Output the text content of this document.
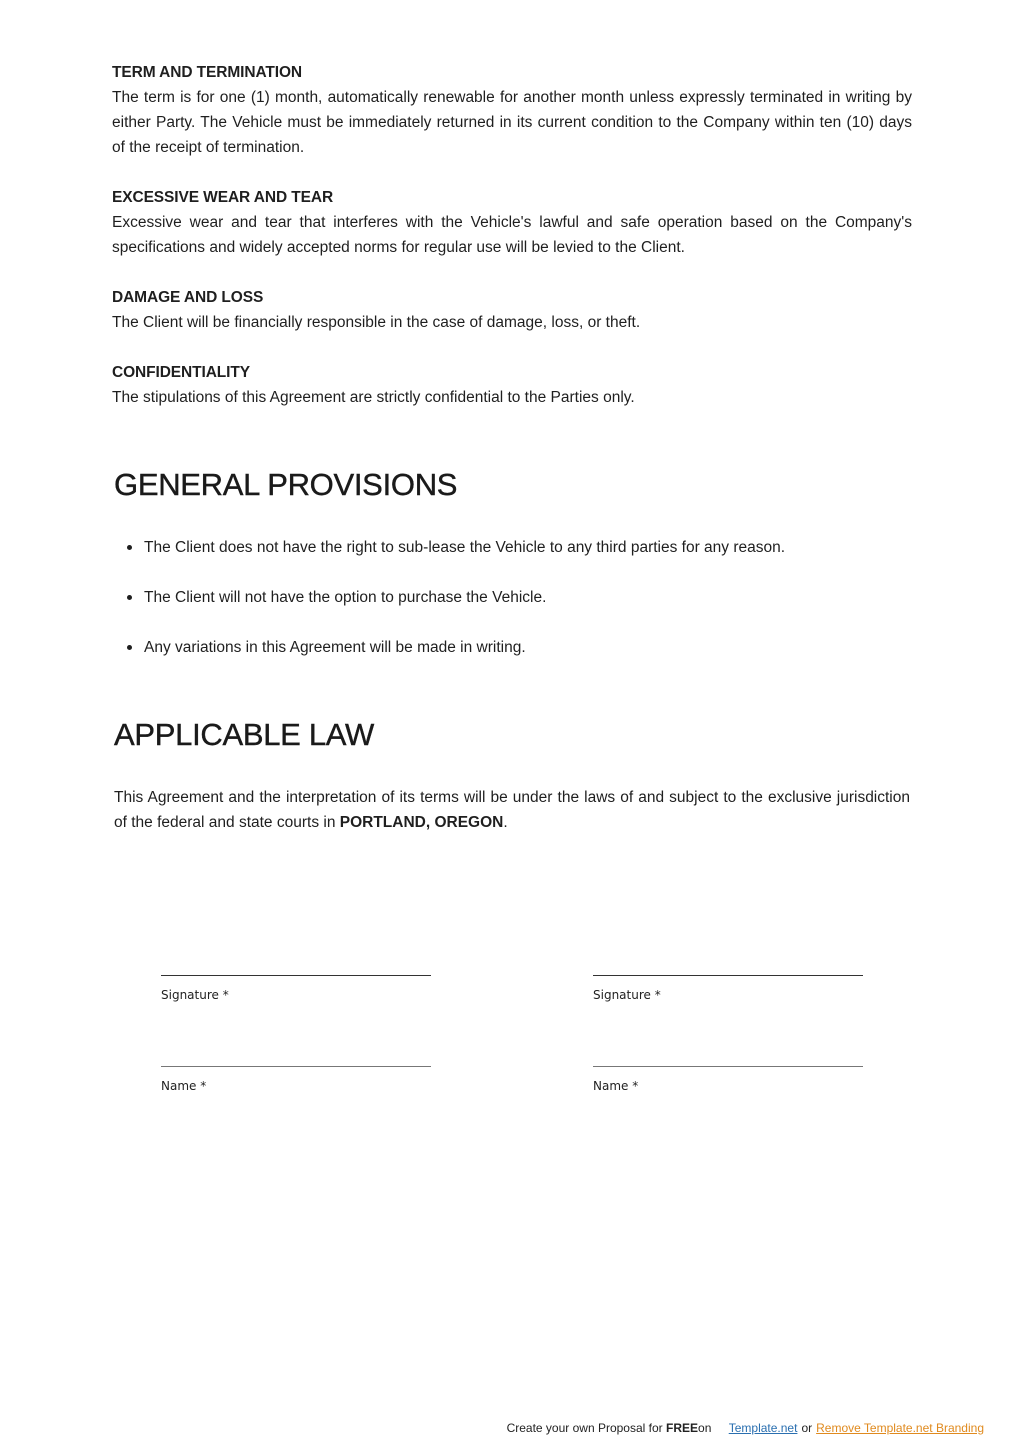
TERM AND TERMINATION

The term is for one (1) month, automatically renewable for another month unless expressly terminated in writing by either Party. The Vehicle must be immediately returned in its current condition to the Company within ten (10) days of the receipt of termination.

EXCESSIVE WEAR AND TEAR

Excessive wear and tear that interferes with the Vehicle's lawful and safe operation based on the Company's specifications and widely accepted norms for regular use will be levied to the Client.

DAMAGE AND LOSS

The Client will be financially responsible in the case of damage, loss, or theft.

CONFIDENTIALITY

The stipulations of this Agreement are strictly confidential to the Parties only.

GENERAL PROVISIONS
The Client does not have the right to sub-lease the Vehicle to any third parties for any reason.
The Client will not have the option to purchase the Vehicle.
Any variations in this Agreement will be made in writing.
APPLICABLE LAW

This Agreement and the interpretation of its terms will be under the laws of and subject to the exclusive jurisdiction of the federal and state courts in PORTLAND, OREGON.

Signature *	Signature *
Name *	Name *
Create your own Proposal for FREEon Template.net or Remove Template.net Branding
